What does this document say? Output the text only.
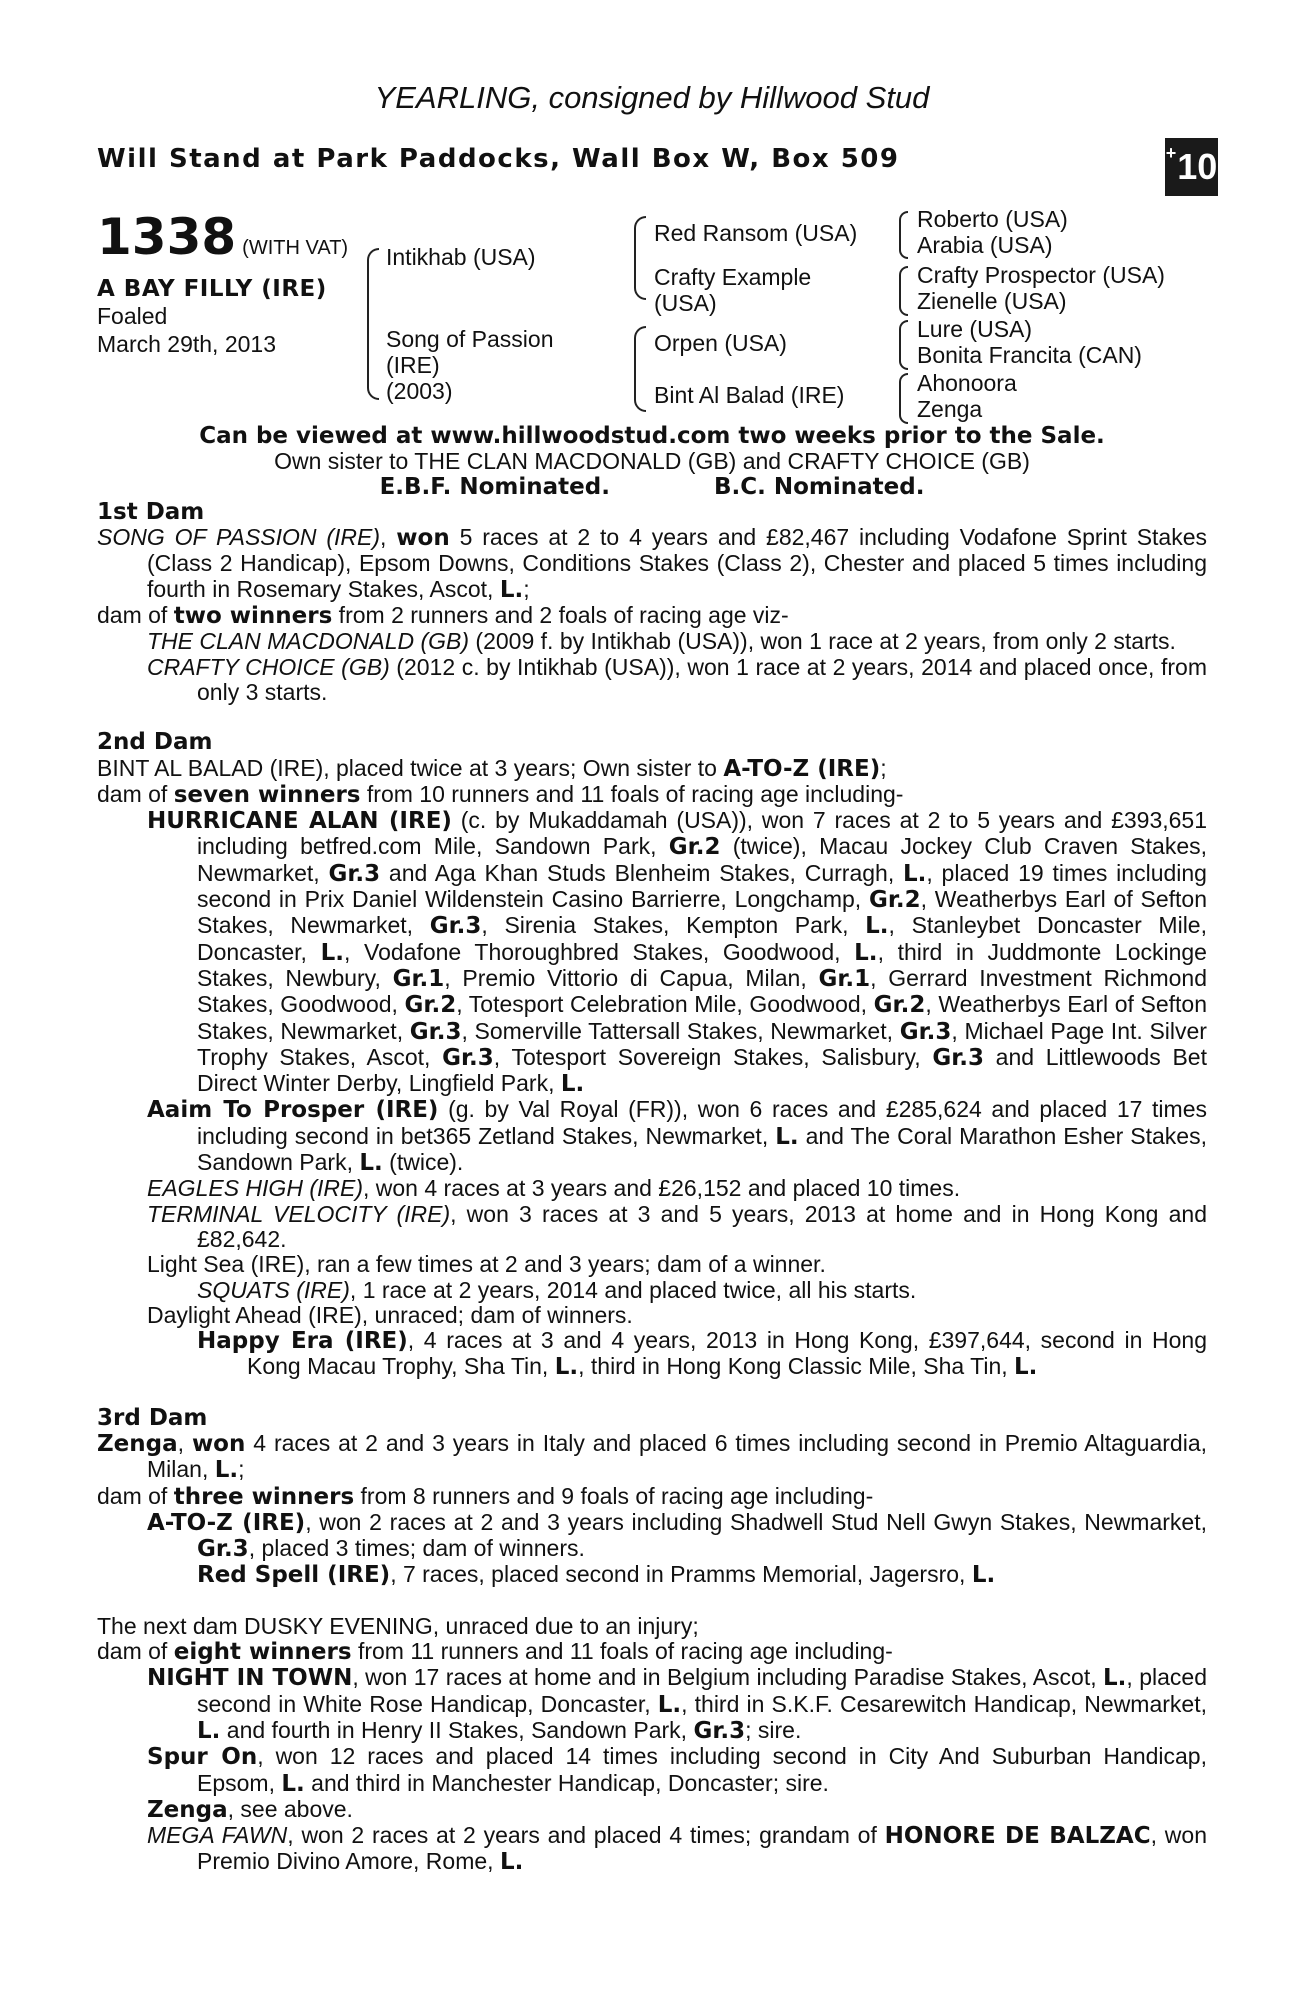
YEARLING, consigned by Hillwood Stud
Will Stand at Park Paddocks, Wall Box W, Box 509	+ 10
1338 (WITH VAT)
A BAY FILLY (IRE)
Foaled
March 29th, 2013
Intikhab (USA)
Song of Passion
(IRE)
(2003)
Red Ransom (USA)
Crafty Example
(USA)
Orpen (USA)
Bint Al Balad (IRE)
Roberto (USA)
Arabia (USA)
Crafty Prospector (USA)
Zienelle (USA)
Lure (USA)
Bonita Francita (CAN)
Ahonoora
Zenga
Can be viewed at www.hillwoodstud.com two weeks prior to the Sale.
Own sister to THE CLAN MACDONALD (GB) and CRAFTY CHOICE (GB)
E.B.F. Nominated.	B.C. Nominated.
1st Dam
SONG OF PASSION (IRE), won 5 races at 2 to 4 years and £82,467 including Vodafone Sprint Stakes (Class 2 Handicap), Epsom Downs, Conditions Stakes (Class 2), Chester and placed 5 times including fourth in Rosemary Stakes, Ascot, L.;
dam of two winners from 2 runners and 2 foals of racing age viz-
THE CLAN MACDONALD (GB) (2009 f. by Intikhab (USA)), won 1 race at 2 years, from only 2 starts.
CRAFTY CHOICE (GB) (2012 c. by Intikhab (USA)), won 1 race at 2 years, 2014 and placed once, from only 3 starts.
2nd Dam
BINT AL BALAD (IRE), placed twice at 3 years; Own sister to A-TO-Z (IRE);
dam of seven winners from 10 runners and 11 foals of racing age including-
HURRICANE ALAN (IRE) (c. by Mukaddamah (USA)), won 7 races at 2 to 5 years and £393,651 including betfred.com Mile, Sandown Park, Gr.2 (twice), Macau Jockey Club Craven Stakes, Newmarket, Gr.3 and Aga Khan Studs Blenheim Stakes, Curragh, L., placed 19 times including second in Prix Daniel Wildenstein Casino Barrierre, Longchamp, Gr.2, Weatherbys Earl of Sefton Stakes, Newmarket, Gr.3, Sirenia Stakes, Kempton Park, L., Stanleybet Doncaster Mile, Doncaster, L., Vodafone Thoroughbred Stakes, Goodwood, L., third in Juddmonte Lockinge Stakes, Newbury, Gr.1, Premio Vittorio di Capua, Milan, Gr.1, Gerrard Investment Richmond Stakes, Goodwood, Gr.2, Totesport Celebration Mile, Goodwood, Gr.2, Weatherbys Earl of Sefton Stakes, Newmarket, Gr.3, Somerville Tattersall Stakes, Newmarket, Gr.3, Michael Page Int. Silver Trophy Stakes, Ascot, Gr.3, Totesport Sovereign Stakes, Salisbury, Gr.3 and Littlewoods Bet Direct Winter Derby, Lingfield Park, L.
Aaim To Prosper (IRE) (g. by Val Royal (FR)), won 6 races and £285,624 and placed 17 times including second in bet365 Zetland Stakes, Newmarket, L. and The Coral Marathon Esher Stakes, Sandown Park, L. (twice).
EAGLES HIGH (IRE), won 4 races at 3 years and £26,152 and placed 10 times.
TERMINAL VELOCITY (IRE), won 3 races at 3 and 5 years, 2013 at home and in Hong Kong and £82,642.
Light Sea (IRE), ran a few times at 2 and 3 years; dam of a winner.
SQUATS (IRE), 1 race at 2 years, 2014 and placed twice, all his starts.
Daylight Ahead (IRE), unraced; dam of winners.
Happy Era (IRE), 4 races at 3 and 4 years, 2013 in Hong Kong, £397,644, second in Hong Kong Macau Trophy, Sha Tin, L., third in Hong Kong Classic Mile, Sha Tin, L.
3rd Dam
Zenga, won 4 races at 2 and 3 years in Italy and placed 6 times including second in Premio Altaguardia, Milan, L.;
dam of three winners from 8 runners and 9 foals of racing age including-
A-TO-Z (IRE), won 2 races at 2 and 3 years including Shadwell Stud Nell Gwyn Stakes, Newmarket, Gr.3, placed 3 times; dam of winners.
Red Spell (IRE), 7 races, placed second in Pramms Memorial, Jagersro, L.
The next dam DUSKY EVENING, unraced due to an injury;
dam of eight winners from 11 runners and 11 foals of racing age including-
NIGHT IN TOWN, won 17 races at home and in Belgium including Paradise Stakes, Ascot, L., placed second in White Rose Handicap, Doncaster, L., third in S.K.F. Cesarewitch Handicap, Newmarket, L. and fourth in Henry II Stakes, Sandown Park, Gr.3; sire.
Spur On, won 12 races and placed 14 times including second in City And Suburban Handicap, Epsom, L. and third in Manchester Handicap, Doncaster; sire.
Zenga, see above.
MEGA FAWN, won 2 races at 2 years and placed 4 times; grandam of HONORE DE BALZAC, won Premio Divino Amore, Rome, L.
